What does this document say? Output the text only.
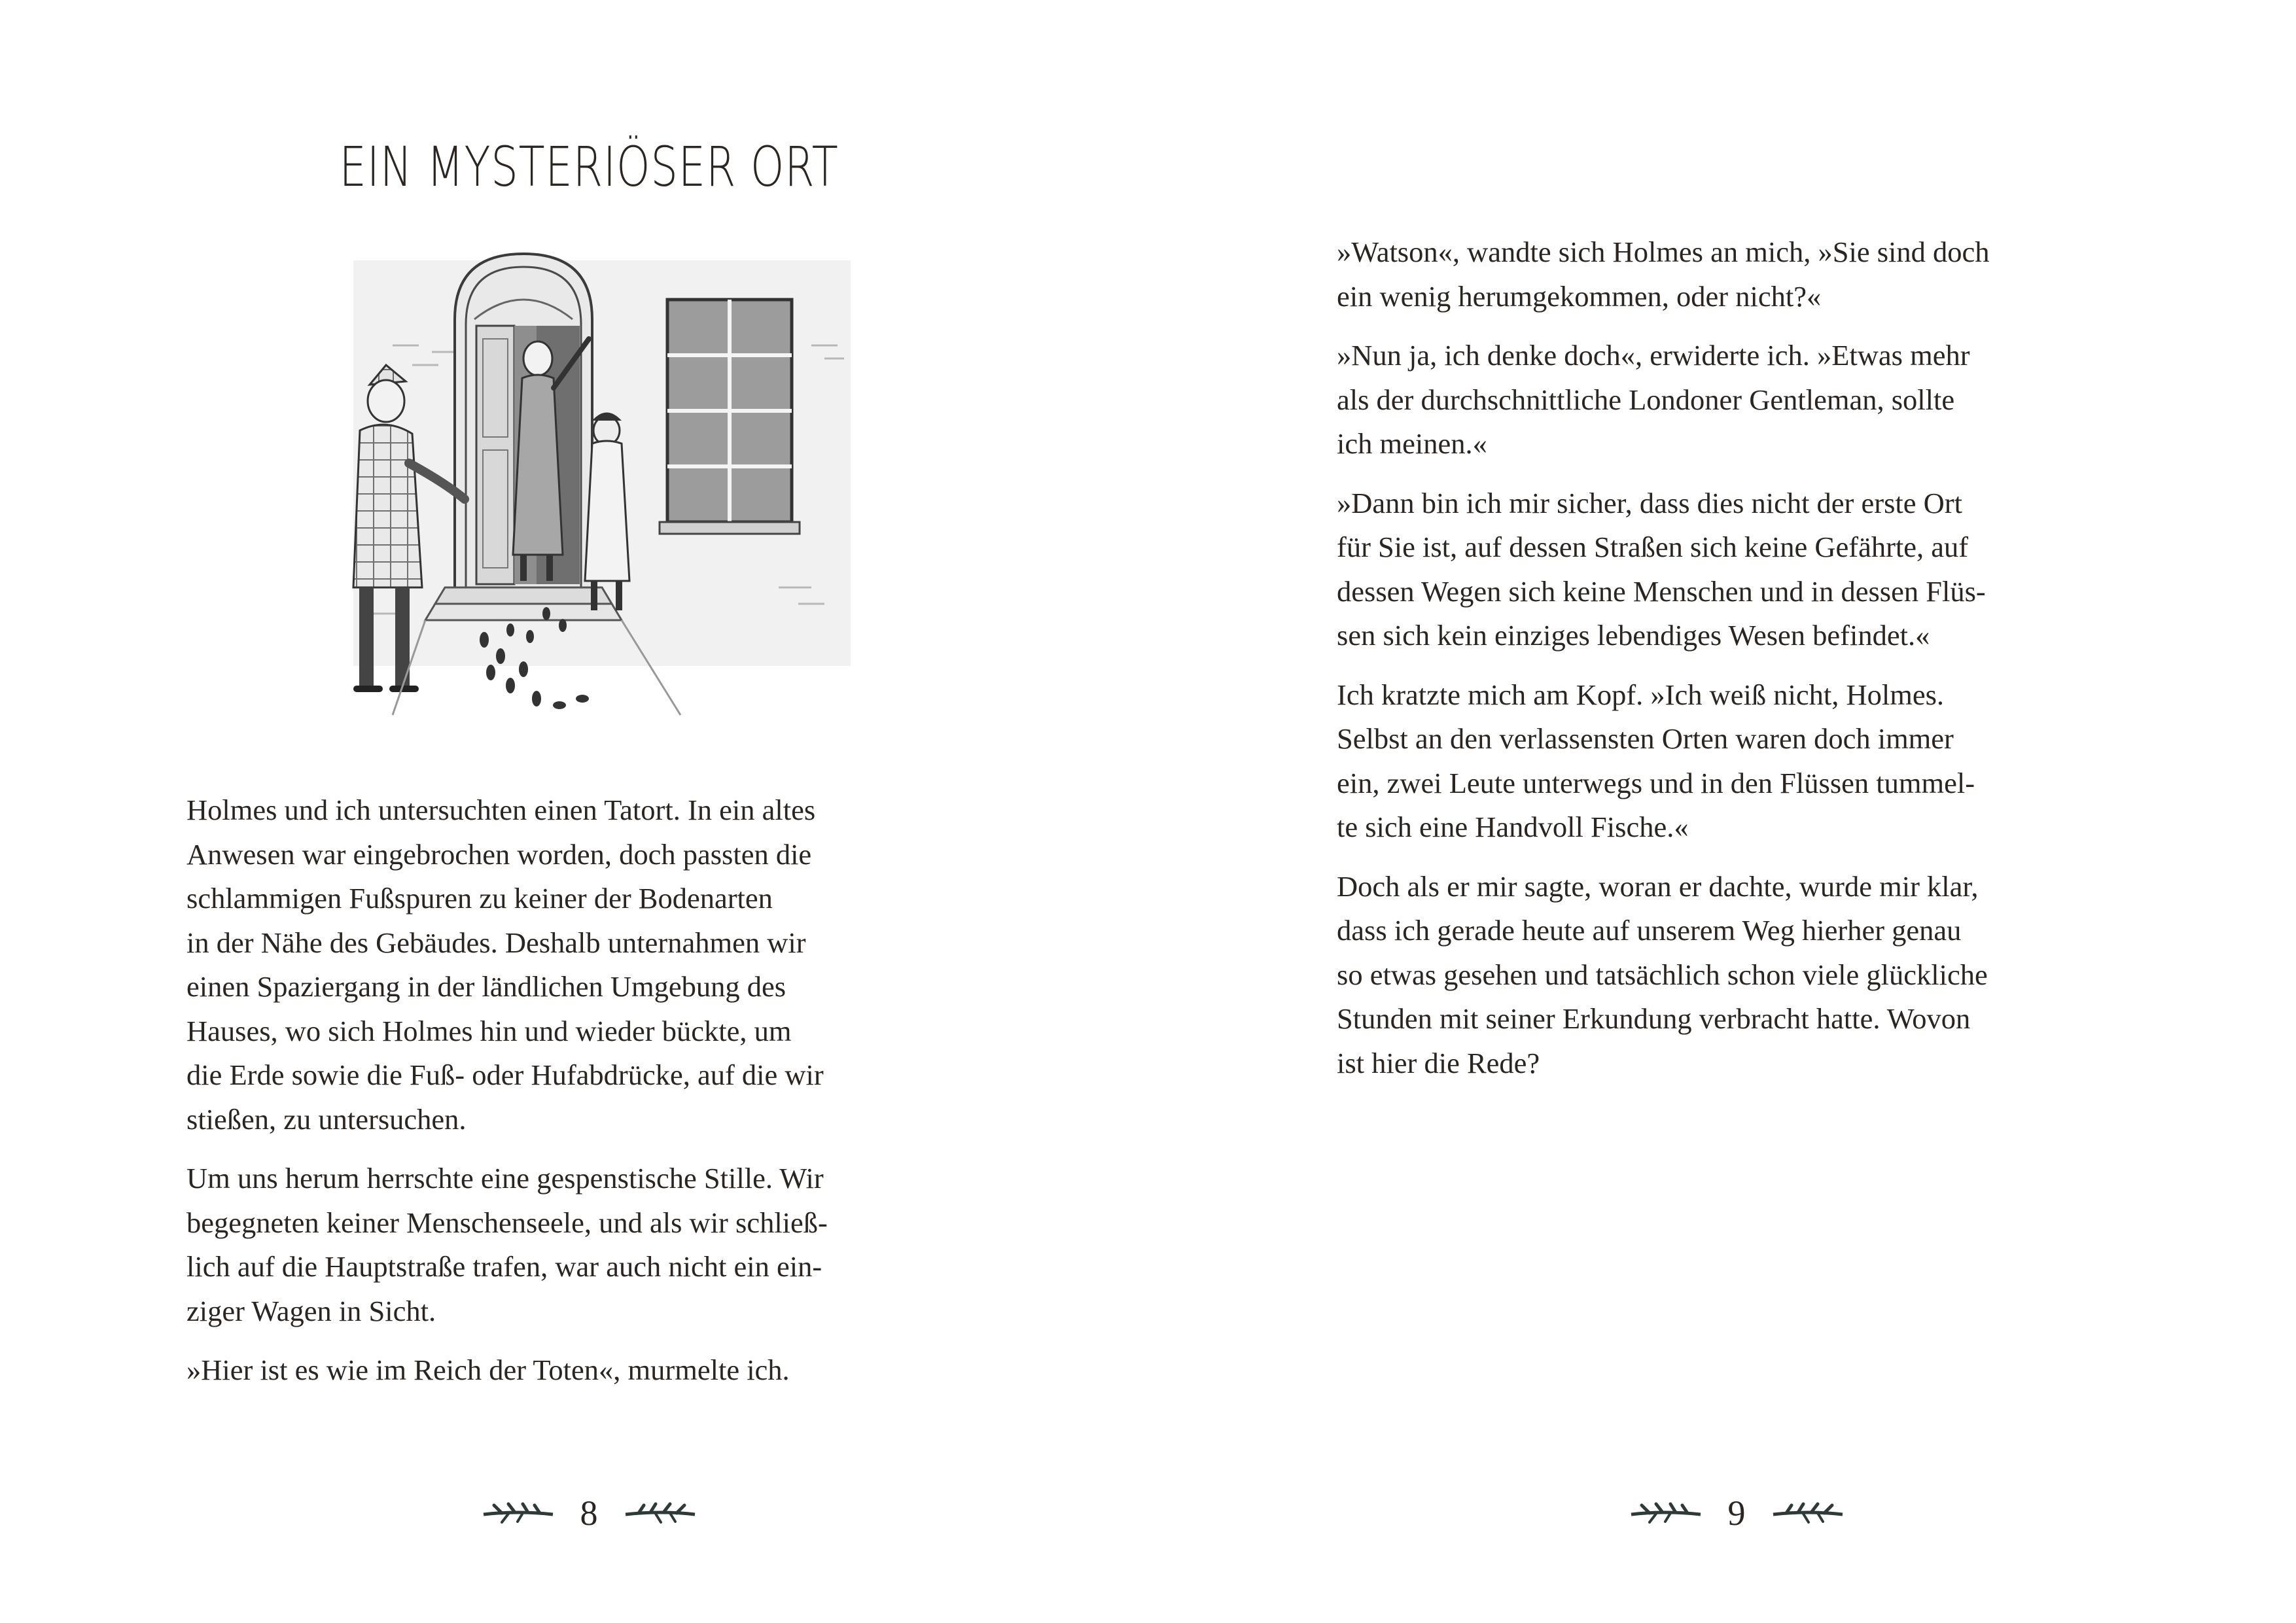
EIN MYSTERIÖSER ORT

Holmes und ich untersuchten einen Tatort. In ein altes
Anwesen war eingebrochen worden, doch passten die
schlammigen Fußspuren zu keiner der Bodenarten
in der Nähe des Gebäudes. Deshalb unternahmen wir
einen Spaziergang in der ländlichen Umgebung des
Hauses, wo sich Holmes hin und wieder bückte, um
die Erde sowie die Fuß- oder Hufabdrücke, auf die wir
stießen, zu untersuchen.

Um uns herum herrschte eine gespenstische Stille. Wir
begegneten keiner Menschenseele, und als wir schließ-
lich auf die Hauptstraße trafen, war auch nicht ein ein-
ziger Wagen in Sicht.

»Hier ist es wie im Reich der Toten«, murmelte ich.

8

»Watson«, wandte sich Holmes an mich, »Sie sind doch
ein wenig herumgekommen, oder nicht?«

»Nun ja, ich denke doch«, erwiderte ich. »Etwas mehr
als der durchschnittliche Londoner Gentleman, sollte
ich meinen.«

»Dann bin ich mir sicher, dass dies nicht der erste Ort
für Sie ist, auf dessen Straßen sich keine Gefährte, auf
dessen Wegen sich keine Menschen und in dessen Flüs-
sen sich kein einziges lebendiges Wesen befindet.«

Ich kratzte mich am Kopf. »Ich weiß nicht, Holmes.
Selbst an den verlassensten Orten waren doch immer
ein, zwei Leute unterwegs und in den Flüssen tummel-
te sich eine Handvoll Fische.«

Doch als er mir sagte, woran er dachte, wurde mir klar,
dass ich gerade heute auf unserem Weg hierher genau
so etwas gesehen und tatsächlich schon viele glückliche
Stunden mit seiner Erkundung verbracht hatte. Wovon
ist hier die Rede?

9
